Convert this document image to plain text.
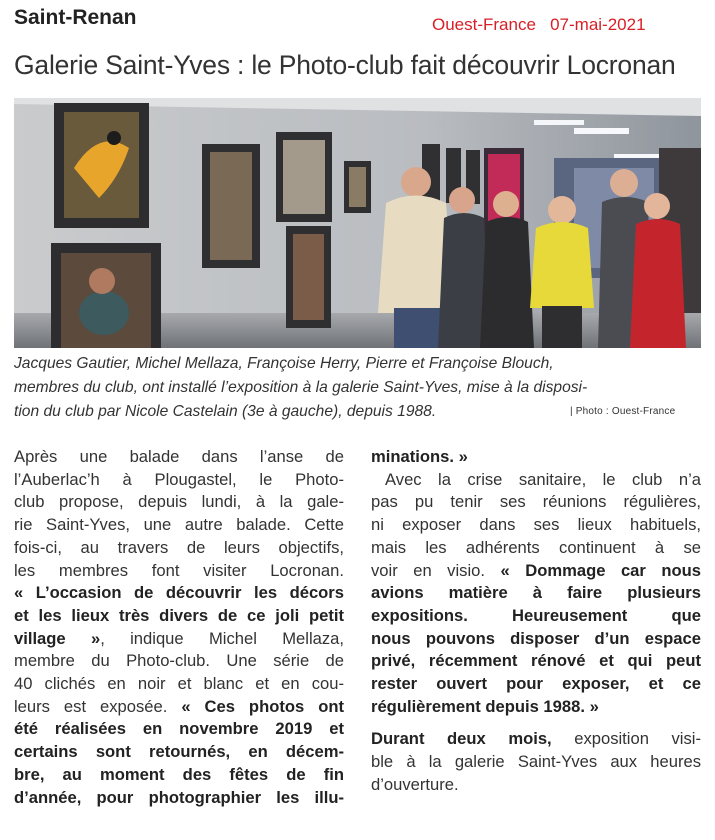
Saint-Renan	Ouest-France   07-mai-2021
Galerie Saint-Yves : le Photo-club fait découvrir Locronan
Jacques Gautier, Michel Mellaza, Françoise Herry, Pierre et Françoise Blouch,
membres du club, ont installé l’exposition à la galerie Saint-Yves, mise à la disposi-
tion du club par Nicole Castelain (3e à gauche), depuis 1988.	| Photo : Ouest-France
Après une balade dans l’anse de
l’Auberlac’h à Plougastel, le Photo-
club propose, depuis lundi, à la gale-
rie Saint-Yves, une autre balade. Cette
fois-ci, au travers de leurs objectifs,
les membres font visiter Locronan.
« L’occasion de découvrir les décors
et les lieux très divers de ce joli petit
village », indique Michel Mellaza,
membre du Photo-club. Une série de
40 clichés en noir et blanc et en cou-
leurs est exposée. « Ces photos ont
été réalisées en novembre 2019 et
certains sont retournés, en décem-
bre, au moment des fêtes de fin
d’année, pour photographier les illu-
minations. »
Avec la crise sanitaire, le club n’a
pas pu tenir ses réunions régulières,
ni exposer dans ses lieux habituels,
mais les adhérents continuent à se
voir en visio. « Dommage car nous
avions matière à faire plusieurs
expositions. Heureusement que
nous pouvons disposer d’un espace
privé, récemment rénové et qui peut
rester ouvert pour exposer, et ce
régulièrement depuis 1988. »
Durant deux mois, exposition visi-
ble à la galerie Saint-Yves aux heures
d’ouverture.
